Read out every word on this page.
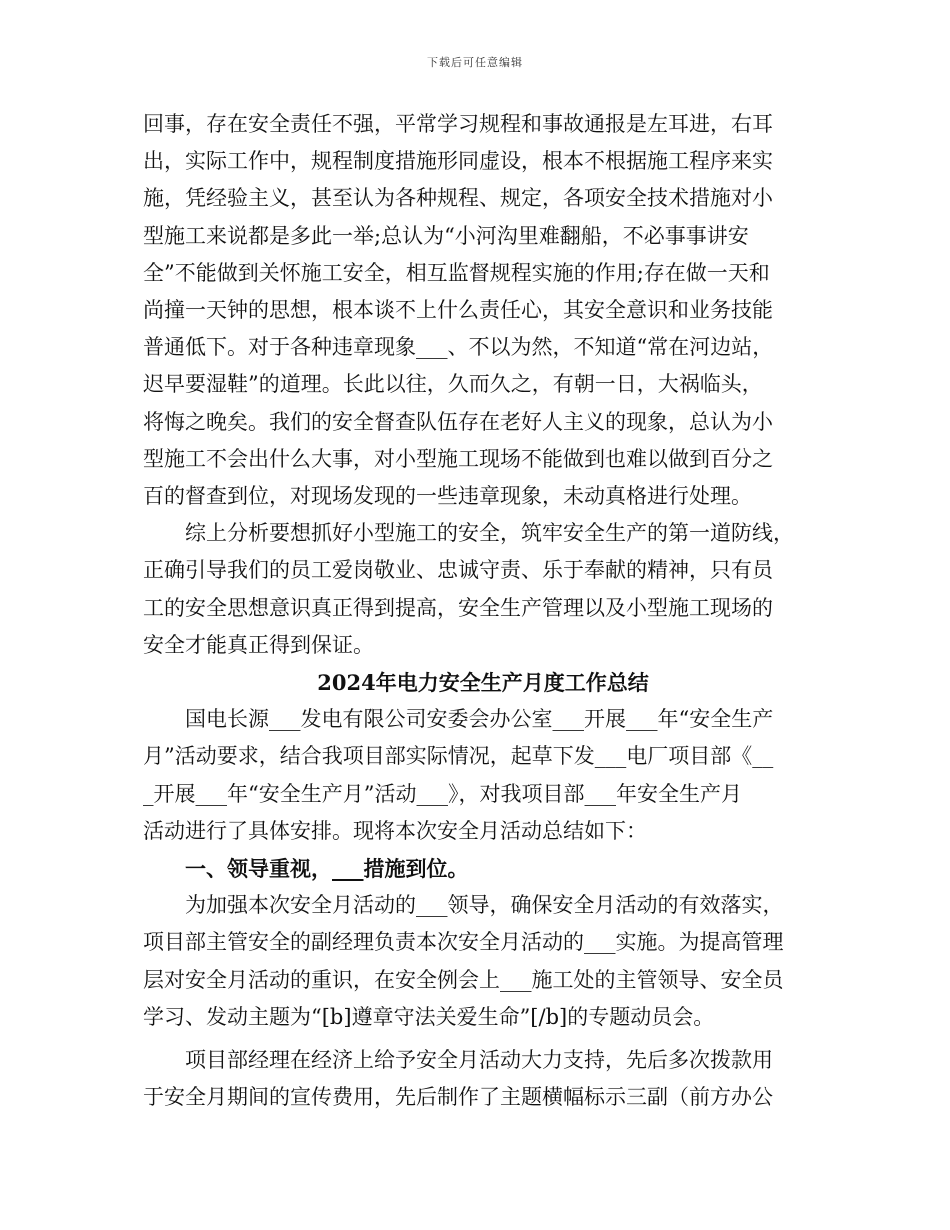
下载后可任意编辑
回事，存在安全责任不强，平常学习规程和事故通报是左耳进，右耳
出，实际工作中，规程制度措施形同虚设，根本不根据施工程序来实
施，凭经验主义，甚至认为各种规程、规定，各项安全技术措施对小
型施工来说都是多此一举;总认为“小河沟里难翻船，不必事事讲安
全”不能做到关怀施工安全，相互监督规程实施的作用;存在做一天和
尚撞一天钟的思想，根本谈不上什么责任心，其安全意识和业务技能
普通低下。对于各种违章现象___、不以为然，不知道“常在河边站，
迟早要湿鞋”的道理。长此以往，久而久之，有朝一日，大祸临头，
将悔之晚矣。我们的安全督查队伍存在老好人主义的现象，总认为小
型施工不会出什么大事，对小型施工现场不能做到也难以做到百分之
百的督查到位，对现场发现的一些违章现象，未动真格进行处理。
综上分析要想抓好小型施工的安全，筑牢安全生产的第一道防线，
正确引导我们的员工爱岗敬业、忠诚守责、乐于奉献的精神，只有员
工的安全思想意识真正得到提高，安全生产管理以及小型施工现场的
安全才能真正得到保证。
2024年电力安全生产月度工作总结
国电长源___发电有限公司安委会办公室___开展___年“安全生产
月”活动要求，结合我项目部实际情况，起草下发___电厂项目部《__
_开展___年“安全生产月”活动___》，对我项目部___年安全生产月
活动进行了具体安排。现将本次安全月活动总结如下：
一、领导重视，___措施到位。
为加强本次安全月活动的___领导，确保安全月活动的有效落实，
项目部主管安全的副经理负责本次安全月活动的___实施。为提高管理
层对安全月活动的重识，在安全例会上___施工处的主管领导、安全员
学习、发动主题为“[b]遵章守法关爱生命”[/b]的专题动员会。
项目部经理在经济上给予安全月活动大力支持，先后多次拨款用
于安全月期间的宣传费用，先后制作了主题横幅标示三副（前方办公
